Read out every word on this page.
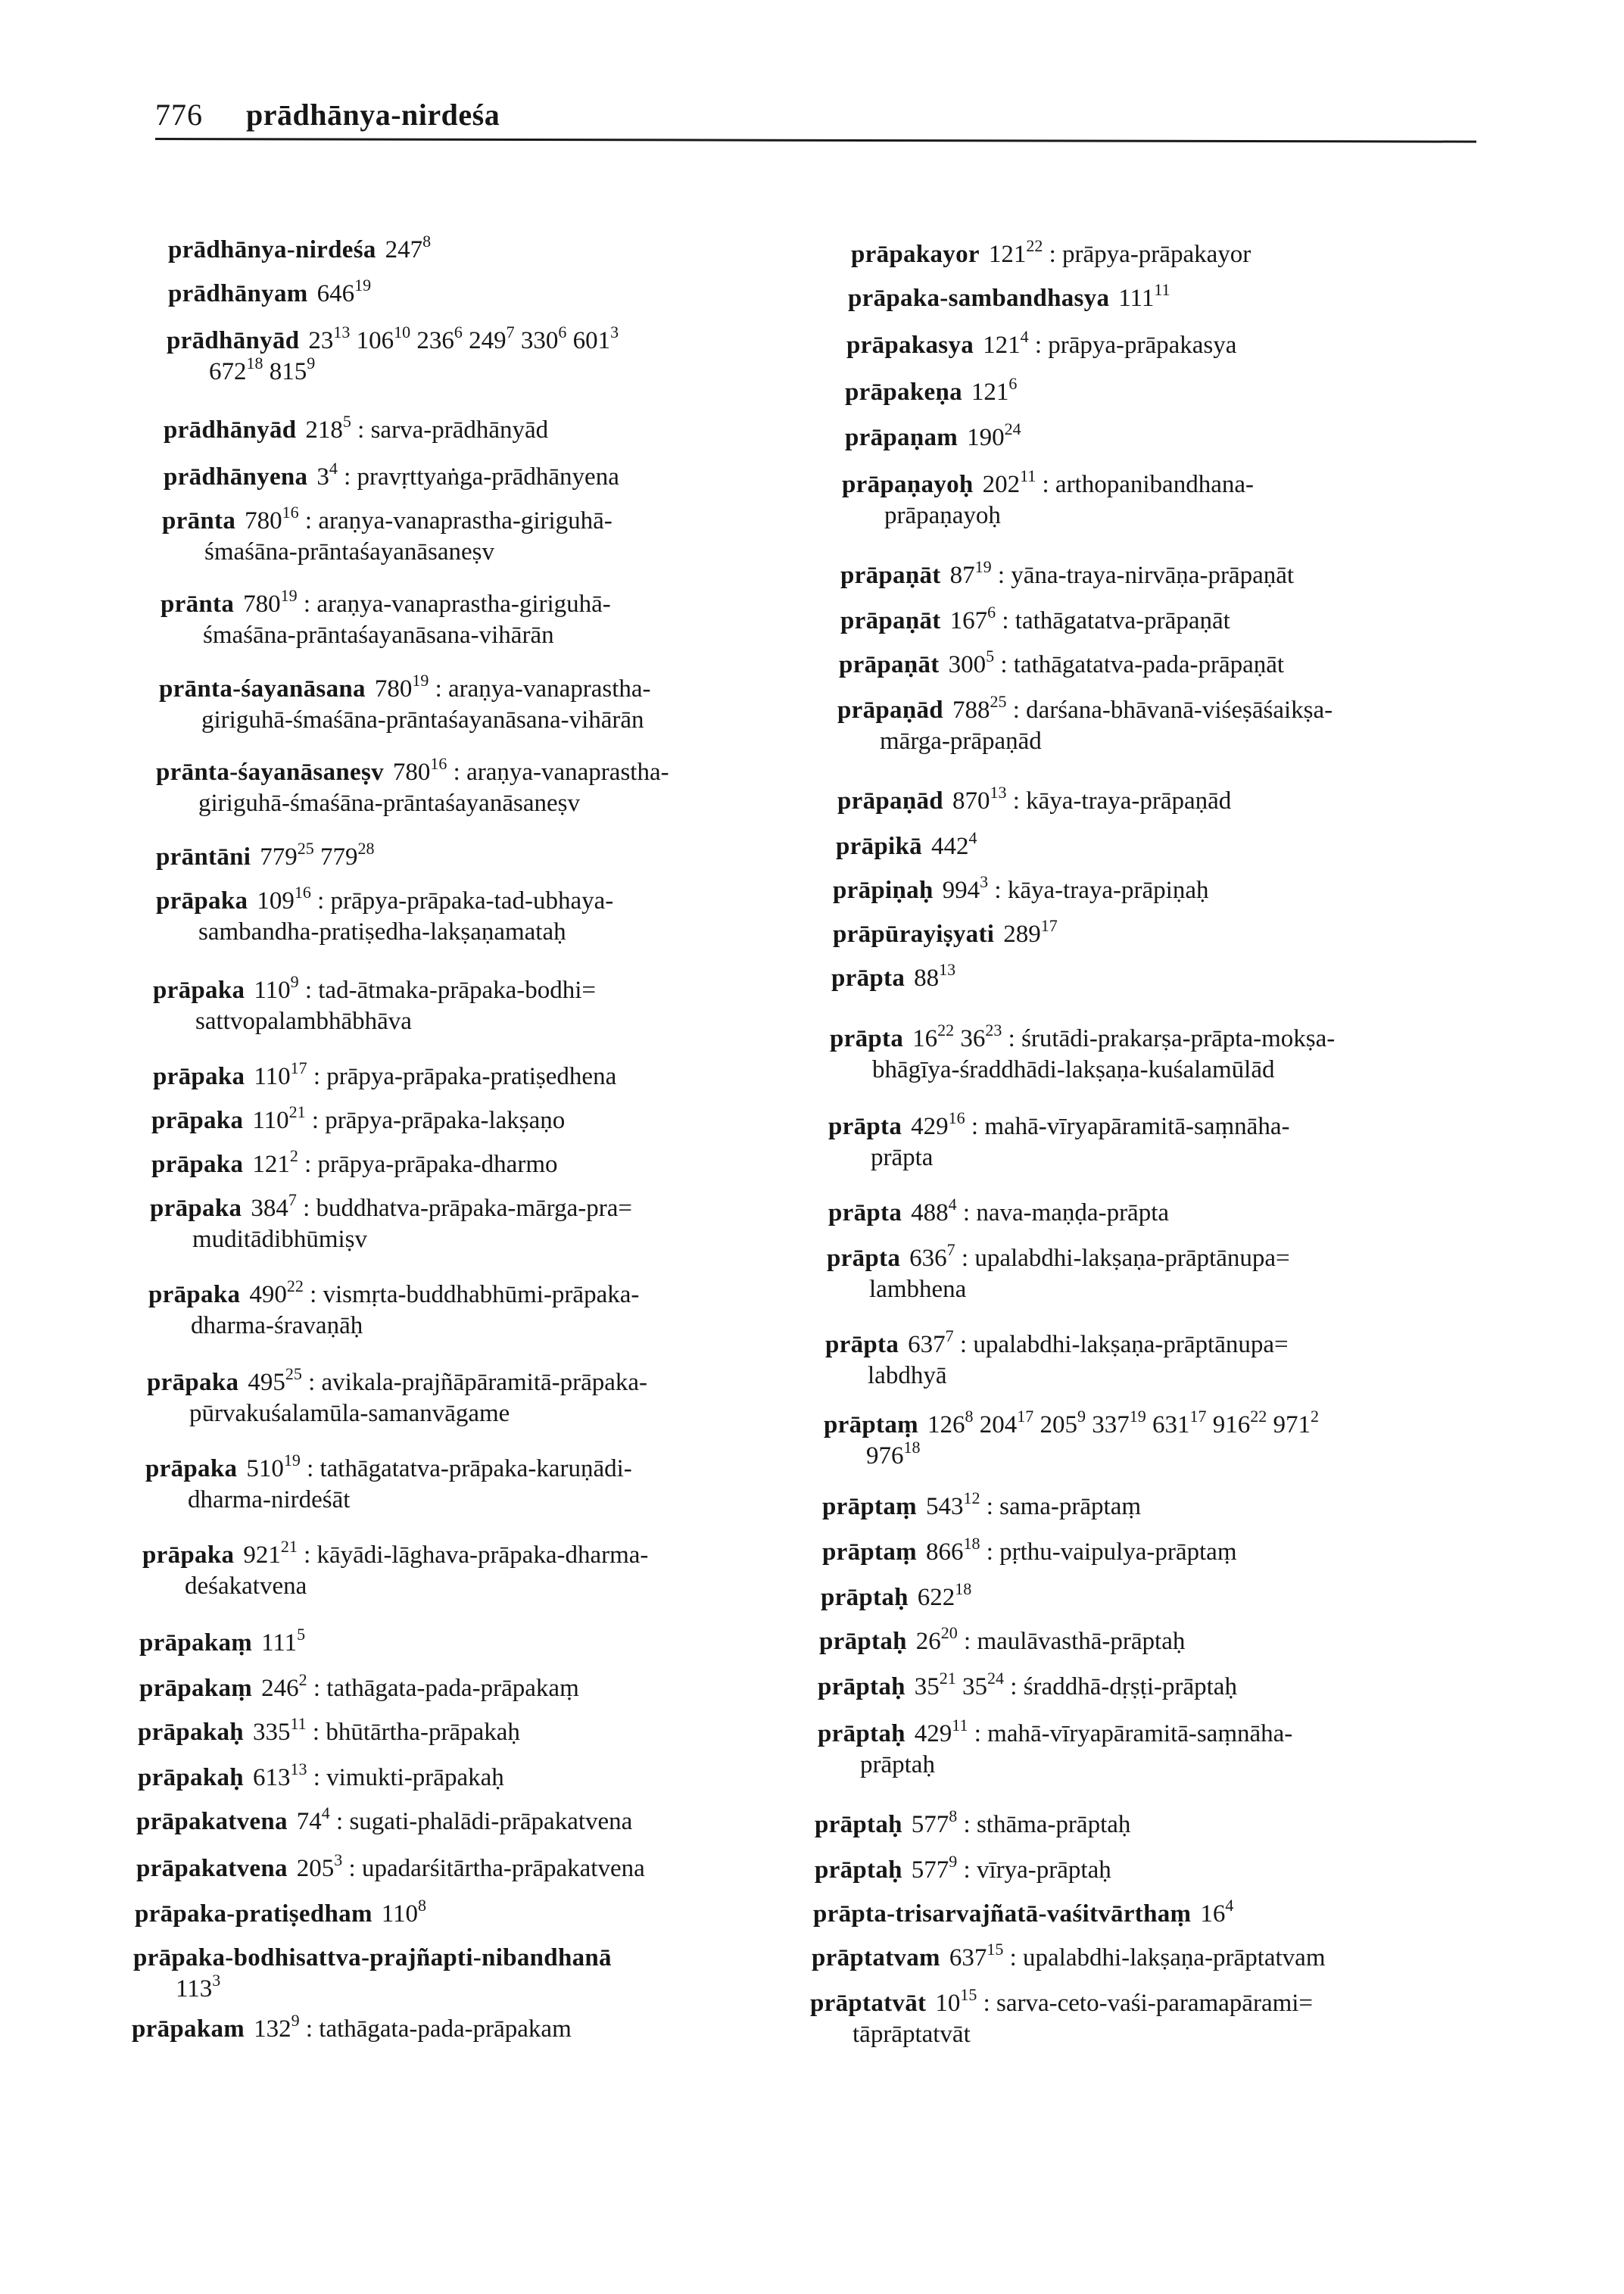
776 prādhānya-nirdeśa
prādhānya-nirdeśa $247^8$
prādhānyam $646^{19}$
prādhānyād $23^{13}$ $106^{10}$ $236^6$ $249^7$ $330^6$ $601^3$
$672^{18}$ $815^9$
prādhānyād $218^5$ : sarva-prādhānyād
prādhānyena $3^4$ : pravṛttyaṅga-prādhānyena
prānta $780^{16}$ : araṇya-vanaprastha-giriguhā-
śmaśāna-prāntaśayanāsaneṣv
prānta $780^{19}$ : araṇya-vanaprastha-giriguhā-
śmaśāna-prāntaśayanāsana-vihārān
prānta-śayanāsana $780^{19}$ : araṇya-vanaprastha-
giriguhā-śmaśāna-prāntaśayanāsana-vihārān
prānta-śayanāsaneṣv $780^{16}$ : araṇya-vanaprastha-
giriguhā-śmaśāna-prāntaśayanāsaneṣv
prāntāni $779^{25}$ $779^{28}$
prāpaka $109^{16}$ : prāpya-prāpaka-tad-ubhaya-
sambandha-pratiṣedha-lakṣaṇamataḥ
prāpaka $110^9$ : tad-ātmaka-prāpaka-bodhi=
sattvopalambhābhāva
prāpaka $110^{17}$ : prāpya-prāpaka-pratiṣedhena
prāpaka $110^{21}$ : prāpya-prāpaka-lakṣaṇo
prāpaka $121^2$ : prāpya-prāpaka-dharmo
prāpaka $384^7$ : buddhatva-prāpaka-mārga-pra=
muditādibhūmiṣv
prāpaka $490^{22}$ : vismṛta-buddhabhūmi-prāpaka-
dharma-śravaṇāḥ
prāpaka $495^{25}$ : avikala-prajñāpāramitā-prāpaka-
pūrvakuśalamūla-samanvāgame
prāpaka $510^{19}$ : tathāgatatva-prāpaka-karuṇādi-
dharma-nirdeśāt
prāpaka $921^{21}$ : kāyādi-lāghava-prāpaka-dharma-
deśakatvena
prāpakaṃ $111^5$
prāpakaṃ $246^2$ : tathāgata-pada-prāpakaṃ
prāpakaḥ $335^{11}$ : bhūtārtha-prāpakaḥ
prāpakaḥ $613^{13}$ : vimukti-prāpakaḥ
prāpakatvena $74^4$ : sugati-phalādi-prāpakatvena
prāpakatvena $205^3$ : upadarśitārtha-prāpakatvena
prāpaka-pratiṣedham $110^8$
prāpaka-bodhisattva-prajñapti-nibandhanā
$113^3$
prāpakam $132^9$ : tathāgata-pada-prāpakam
prāpakayor $121^{22}$ : prāpya-prāpakayor
prāpaka-sambandhasya $111^{11}$
prāpakasya $121^4$ : prāpya-prāpakasya
prāpakeṇa $121^6$
prāpaṇam $190^{24}$
prāpaṇayoḥ $202^{11}$ : arthopanibandhana-
prāpaṇayoḥ
prāpaṇāt $87^{19}$ : yāna-traya-nirvāṇa-prāpaṇāt
prāpaṇāt $167^6$ : tathāgatatva-prāpaṇāt
prāpaṇāt $300^5$ : tathāgatatva-pada-prāpaṇāt
prāpaṇād $788^{25}$ : darśana-bhāvanā-viśeṣāśaikṣa-
mārga-prāpaṇād
prāpaṇād $870^{13}$ : kāya-traya-prāpaṇād
prāpikā $442^4$
prāpiṇaḥ $994^3$ : kāya-traya-prāpiṇaḥ
prāpūrayiṣyati $289^{17}$
prāpta $88^{13}$
prāpta $16^{22}$ $36^{23}$ : śrutādi-prakarṣa-prāpta-mokṣa-
bhāgīya-śraddhādi-lakṣaṇa-kuśalamūlād
prāpta $429^{16}$ : mahā-vīryapāramitā-saṃnāha-
prāpta
prāpta $488^4$ : nava-maṇḍa-prāpta
prāpta $636^7$ : upalabdhi-lakṣaṇa-prāptānupa=
lambhena
prāpta $637^7$ : upalabdhi-lakṣaṇa-prāptānupa=
labdhyā
prāptaṃ $126^8$ $204^{17}$ $205^9$ $337^{19}$ $631^{17}$ $916^{22}$ $971^2$
$976^{18}$
prāptaṃ $543^{12}$ : sama-prāptaṃ
prāptaṃ $866^{18}$ : pṛthu-vaipulya-prāptaṃ
prāptaḥ $622^{18}$
prāptaḥ $26^{20}$ : maulāvasthā-prāptaḥ
prāptaḥ $35^{21}$ $35^{24}$ : śraddhā-dṛṣṭi-prāptaḥ
prāptaḥ $429^{11}$ : mahā-vīryapāramitā-saṃnāha-
prāptaḥ
prāptaḥ $577^8$ : sthāma-prāptaḥ
prāptaḥ $577^9$ : vīrya-prāptaḥ
prāpta-trisarvajñatā-vaśitvārthaṃ $16^4$
prāptatvam $637^{15}$ : upalabdhi-lakṣaṇa-prāptatvam
prāptatvāt $10^{15}$ : sarva-ceto-vaśi-paramapārami=
tāprāptatvāt
